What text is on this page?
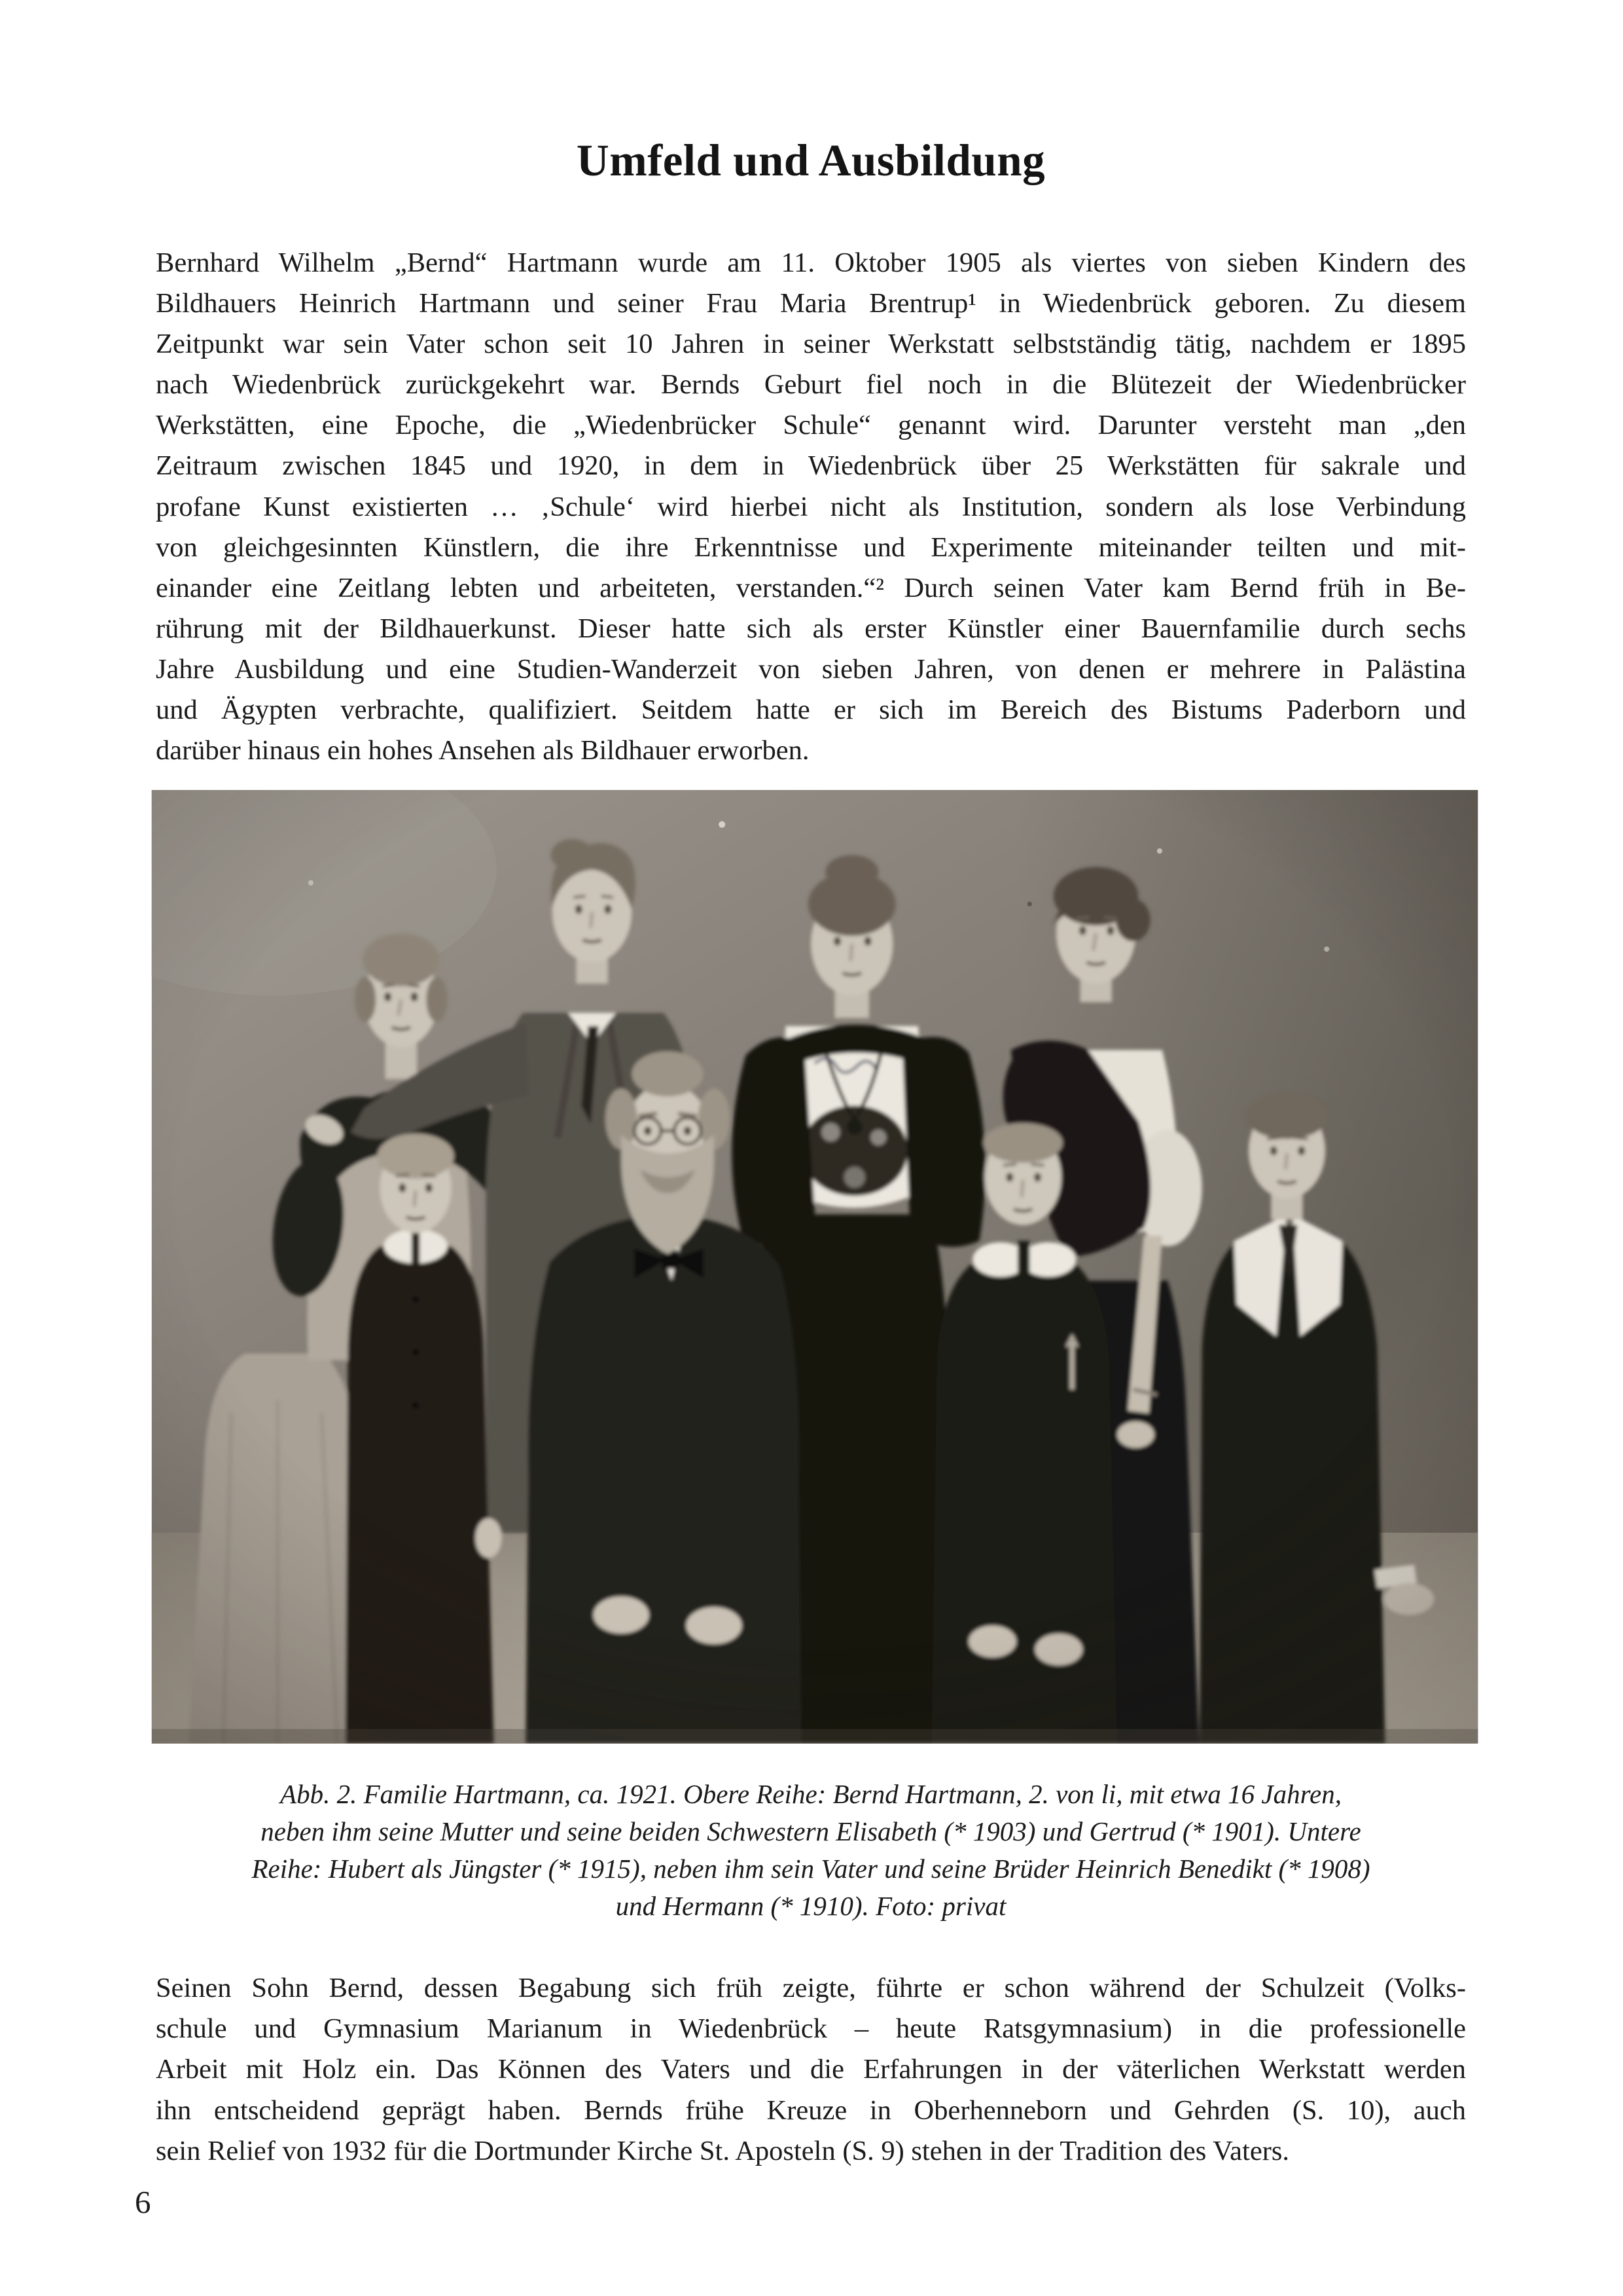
Umfeld und Ausbildung
Bernhard Wilhelm „Bernd“ Hartmann wurde am 11. Oktober 1905 als viertes von sieben Kindern des
Bildhauers Heinrich Hartmann und seiner Frau Maria Brentrup¹ in Wiedenbrück geboren. Zu diesem
Zeitpunkt war sein Vater schon seit 10 Jahren in seiner Werkstatt selbstständig tätig, nachdem er 1895
nach Wiedenbrück zurückgekehrt war. Bernds Geburt fiel noch in die Blütezeit der Wiedenbrücker
Werkstätten, eine Epoche, die „Wiedenbrücker Schule“ genannt wird. Darunter versteht man „den
Zeitraum zwischen 1845 und 1920, in dem in Wiedenbrück über 25 Werkstätten für sakrale und
profane Kunst existierten … ‚Schule‘ wird hierbei nicht als Institution, sondern als lose Verbindung
von gleichgesinnten Künstlern, die ihre Erkenntnisse und Experimente miteinander teilten und mit-
einander eine Zeitlang lebten und arbeiteten, verstanden.“² Durch seinen Vater kam Bernd früh in Be-
rührung mit der Bildhauerkunst. Dieser hatte sich als erster Künstler einer Bauernfamilie durch sechs
Jahre Ausbildung und eine Studien-Wanderzeit von sieben Jahren, von denen er mehrere in Palästina
und Ägypten verbrachte, qualifiziert. Seitdem hatte er sich im Bereich des Bistums Paderborn und
darüber hinaus ein hohes Ansehen als Bildhauer erworben.
Abb. 2. Familie Hartmann, ca. 1921. Obere Reihe: Bernd Hartmann, 2. von li, mit etwa 16 Jahren,
neben ihm seine Mutter und seine beiden Schwestern Elisabeth (* 1903) und Gertrud (* 1901). Untere
Reihe: Hubert als Jüngster (* 1915), neben ihm sein Vater und seine Brüder Heinrich Benedikt (* 1908)
und Hermann (* 1910). Foto: privat
Seinen Sohn Bernd, dessen Begabung sich früh zeigte, führte er schon während der Schulzeit (Volks-
schule und Gymnasium Marianum in Wiedenbrück – heute Ratsgymnasium) in die professionelle
Arbeit mit Holz ein. Das Können des Vaters und die Erfahrungen in der väterlichen Werkstatt werden
ihn entscheidend geprägt haben. Bernds frühe Kreuze in Oberhenneborn und Gehrden (S. 10), auch
sein Relief von 1932 für die Dortmunder Kirche St. Aposteln (S. 9) stehen in der Tradition des Vaters.
6
